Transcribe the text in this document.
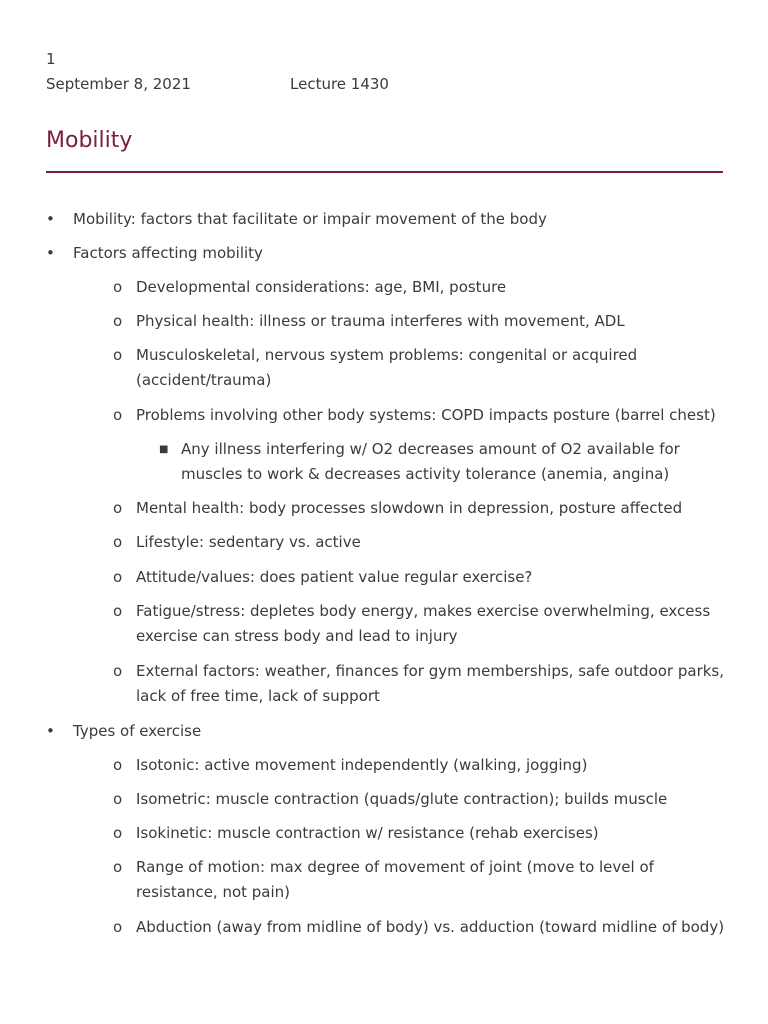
1
September 8, 2021	Lecture 1430
Mobility
• Mobility: factors that facilitate or impair movement of the body
• Factors affecting mobility
o Developmental considerations: age, BMI, posture
o Physical health: illness or trauma interferes with movement, ADL
o Musculoskeletal, nervous system problems: congenital or acquired (accident/trauma)
o Problems involving other body systems: COPD impacts posture (barrel chest)
■ Any illness interfering w/ O2 decreases amount of O2 available for muscles to work & decreases activity tolerance (anemia, angina)
o Mental health: body processes slowdown in depression, posture affected
o Lifestyle: sedentary vs. active
o Attitude/values: does patient value regular exercise?
o Fatigue/stress: depletes body energy, makes exercise overwhelming, excess exercise can stress body and lead to injury
o External factors: weather, finances for gym memberships, safe outdoor parks, lack of free time, lack of support
• Types of exercise
o Isotonic: active movement independently (walking, jogging)
o Isometric: muscle contraction (quads/glute contraction); builds muscle
o Isokinetic: muscle contraction w/ resistance (rehab exercises)
o Range of motion: max degree of movement of joint (move to level of resistance, not pain)
o Abduction (away from midline of body) vs. adduction (toward midline of body)
